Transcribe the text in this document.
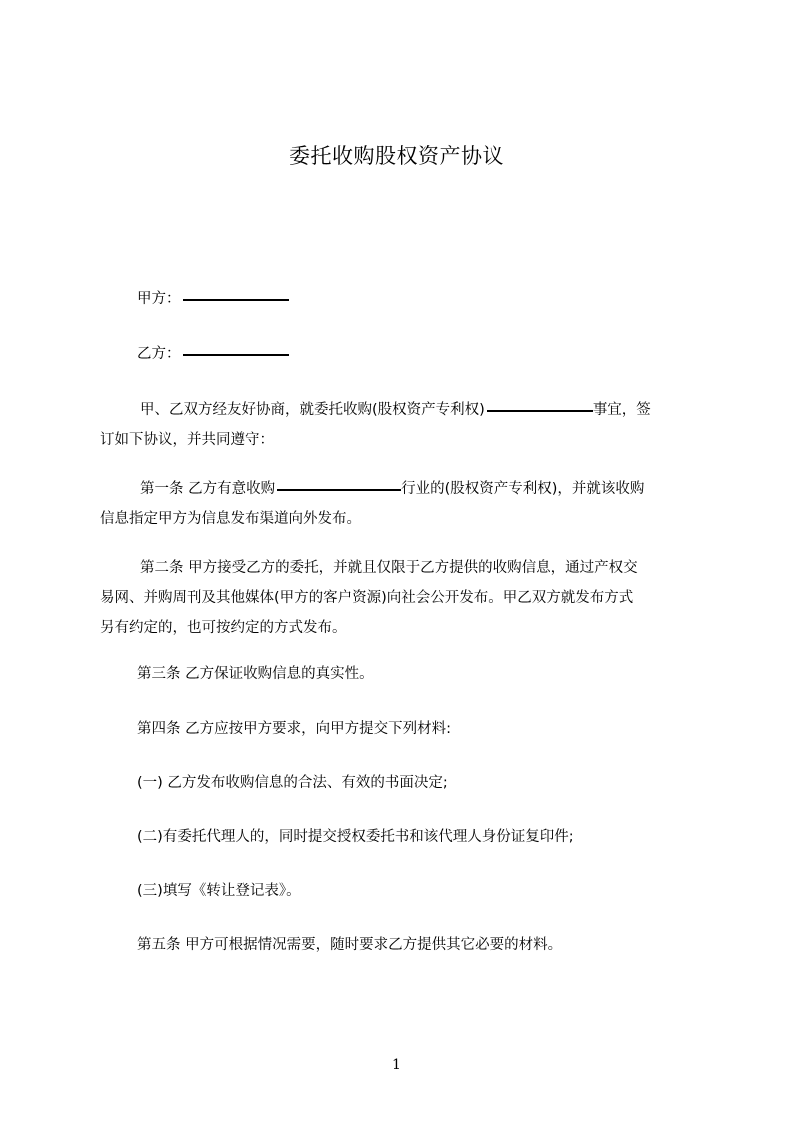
委托收购股权资产协议

甲方：

乙方：

甲、乙双方经友好协商，就委托收购(股权资产专利权)	事宜，签
订如下协议，并共同遵守：
第一条 乙方有意收购	行业的(股权资产专利权)，并就该收购
信息指定甲方为信息发布渠道向外发布。
第二条 甲方接受乙方的委托，并就且仅限于乙方提供的收购信息，通过产权交
易网、并购周刊及其他媒体(甲方的客户资源)向社会公开发布。甲乙双方就发布方式
另有约定的，也可按约定的方式发布。

第三条 乙方保证收购信息的真实性。

第四条 乙方应按甲方要求，向甲方提交下列材料:

(一) 乙方发布收购信息的合法、有效的书面决定;

(二)有委托代理人的，同时提交授权委托书和该代理人身份证复印件;

(三)填写《转让登记表》。

第五条 甲方可根据情况需要，随时要求乙方提供其它必要的材料。

1
